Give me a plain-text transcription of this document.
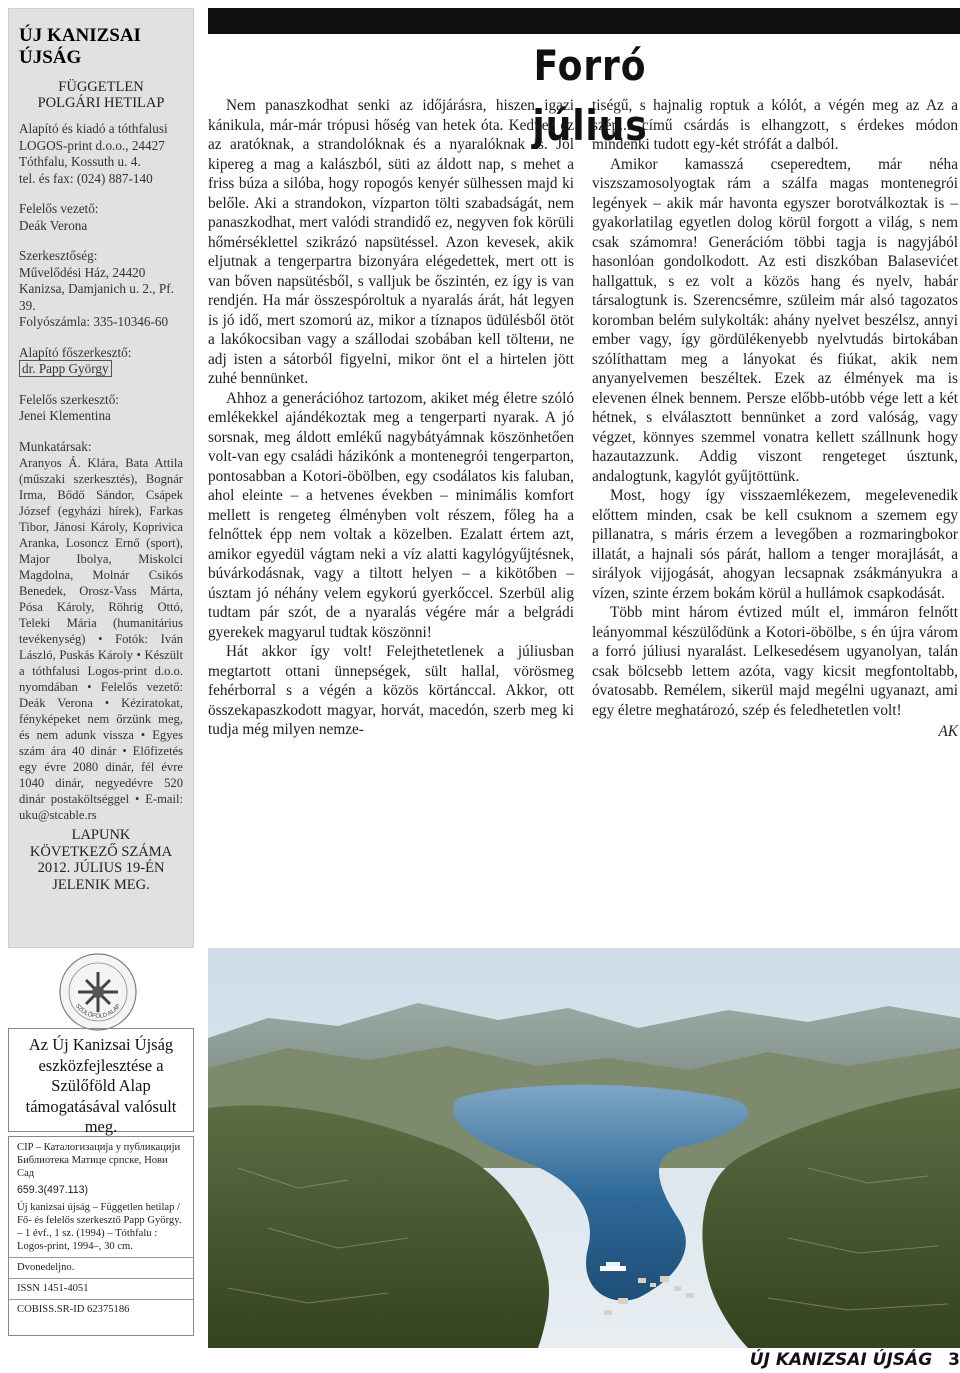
ÚJ KANIZSAI ÚJSÁG
FÜGGETLEN
POLGÁRI HETILAP
Alapító és kiadó a tóthfalusi LOGOS-print d.o.o., 24427 Tóthfalu, Kossuth u. 4.
tel. és fax: (024) 887-140
Felelős vezető:
Deák Verona
Szerkesztőség:
Művelődési Ház, 24420 Kanizsa, Damjanich u. 2., Pf. 39.
Folyószámla: 335-10346-60
Alapító főszerkesztő:
dr. Papp György
Felelős szerkesztő:
Jenei Klementina
Munkatársak:
Aranyos Á. Klára, Bata Attila (műszaki szerkesztés), Bognár Irma, Bődő Sándor, Csápek József (egyházi hírek), Farkas Tibor, Jánosi Károly, Koprivica Aranka, Losoncz Ernő (sport), Major Ibolya, Miskolci Magdolna, Molnár Csikós Benedek, Orosz-Vass Márta, Pósa Károly, Röhrig Ottó, Teleki Mária (humanitárius tevékenység) • Fotók: Iván László, Puskás Károly • Készült a tóthfalusi Logos-print d.o.o. nyomdában • Felelős vezető: Deák Verona • Kéziratokat, fényképeket nem őrzünk meg, és nem adunk vissza • Egyes szám ára 40 dinár • Előfizetés egy évre 2080 dinár, fél évre 1040 dinár, negyedévre 520 dinár postaköltséggel • E-mail: uku@stcable.rs
LAPUNK
KÖVETKEZŐ SZÁMA
2012. JÚLIUS 19-ÉN
JELENIK MEG.
SZÜLŐFÖLD ALAP
Az Új Kanizsai Újság eszközfejlesztése a Szülőföld Alap támogatásával valósult meg.

CIP – Каталогизација у публикацији Библиотека Матице српске, Нови Сад

659.3(497.113)

Új kanizsai újság – Független hetilap / Fő- és felelős szerkesztő Papp György. – 1 évf., 1 sz. (1994) – Tóthfalu : Logos-print, 1994–, 30 cm.

Dvonedeljno.

ISSN 1451-4051

COBISS.SR-ID 62375186

Forró július

Nem panaszkodhat senki az időjárásra, hiszen igazi kánikula, már-már trópusi hőség van hetek óta. Kedvez ez az aratóknak, a strandolóknak és a nyaralóknak is. Jól kipereg a mag a kalászból, süti az áldott nap, s mehet a friss búza a silóba, hogy ropogós kenyér sülhessen majd ki belőle. Aki a strandokon, vízparton tölti szabadságát, nem panaszkodhat, mert valódi strandidő ez, negyven fok körüli hőmérséklettel szikrázó napsütéssel. Azon kevesek, akik eljutnak a tengerpartra bizonyára elégedettek, mert ott is van bőven napsütésből, s valljuk be őszintén, ez így is van rendjén. Ha már összespóroltuk a nyaralás árát, hát legyen is jó idő, mert szomorú az, mikor a tíznapos üdülésből ötöt a lakókocsiban vagy a szállodai szobában kell töltени, ne adj isten a sátorból figyelni, mikor önt el a hirtelen jött zuhé bennünket.

Ahhoz a generációhoz tartozom, akiket még életre szóló emlékekkel ajándékoztak meg a tengerparti nyarak. A jó sorsnak, meg áldott emlékű nagybátyámnak köszönhetően volt-van egy családi házikónk a montenegrói tengerparton, pontosabban a Kotori-öbölben, egy csodálatos kis faluban, ahol eleinte – a hetvenes években – minimális komfort mellett is rengeteg élményben volt részem, főleg ha a felnőttek épp nem voltak a közelben. Ezalatt értem azt, amikor egyedül vágtam neki a víz alatti kagylógyűjtésnek, búvárkodásnak, vagy a tiltott helyen – a kikötőben – úsztam jó néhány velem egykorú gyerkőccel. Szerbül alig tudtam pár szót, de a nyaralás végére már a belgrádi gyerekek magyarul tudtak köszönni!

Hát akkor így volt! Felejthetetlenek a júliusban megtartott ottani ünnepségek, sült hallal, vörösmeg fehérborral s a végén a közös körtánccal. Akkor, ott összekapaszkodott magyar, horvát, macedón, szerb meg ki tudja még milyen nemze-

tiségű, s hajnalig roptuk a kólót, a végén meg az Az a szép... című csárdás is elhangzott, s érdekes módon mindenki tudott egy-két strófát a dalból.

Amikor kamasszá cseperedtem, már néha viszszamosolyogtak rám a szálfa magas montenegrói legények – akik már havonta egyszer borotválkoztak is – gyakorlatilag egyetlen dolog körül forgott a világ, s nem csak számomra! Generációm többi tagja is nagyjából hasonlóan gondolkodott. Az esti diszkóban Balasevićet hallgattuk, s ez volt a közös hang és nyelv, habár társalogtunk is. Szerencsémre, szüleim már alsó tagozatos koromban belém sulykolták: ahány nyelvet beszélsz, annyi ember vagy, így gördülékenyebb nyelvtudás birtokában szólíthattam meg a lányokat és fiúkat, akik nem anyanyelvemen beszéltek. Ezek az élmények ma is elevenen élnek bennem. Persze előbb-utóbb vége lett a két hétnek, s elválasztott bennünket a zord valóság, vagy végzet, könnyes szemmel vonatra kellett szállnunk hogy hazautazzunk. Addig viszont rengeteget úsztunk, andalogtunk, kagylót gyűjtöttünk.

Most, hogy így visszaemlékezem, megelevenedik előttem minden, csak be kell csuknom a szemem egy pillanatra, s máris érzem a levegőben a rozmaringbokor illatát, a hajnali sós párát, hallom a tenger morajlását, a sirályok vijjogását, ahogyan lecsapnak zsákmányukra a vízen, szinte érzem bokám körül a hullámok csapkodását.

Több mint három évtized múlt el, immáron felnőtt leányommal készülődünk a Kotori-öbölbe, s én újra várom a forró júliusi nyaralást. Lelkesedésem ugyanolyan, talán csak bölcsebb lettem azóta, vagy kicsit megfontoltabb, óvatosabb. Remélem, sikerül majd megélni ugyanazt, ami egy életre meghatározó, szép és feledhetetlen volt!

AK
ÚJ KANIZSAI ÚJSÁG 3
